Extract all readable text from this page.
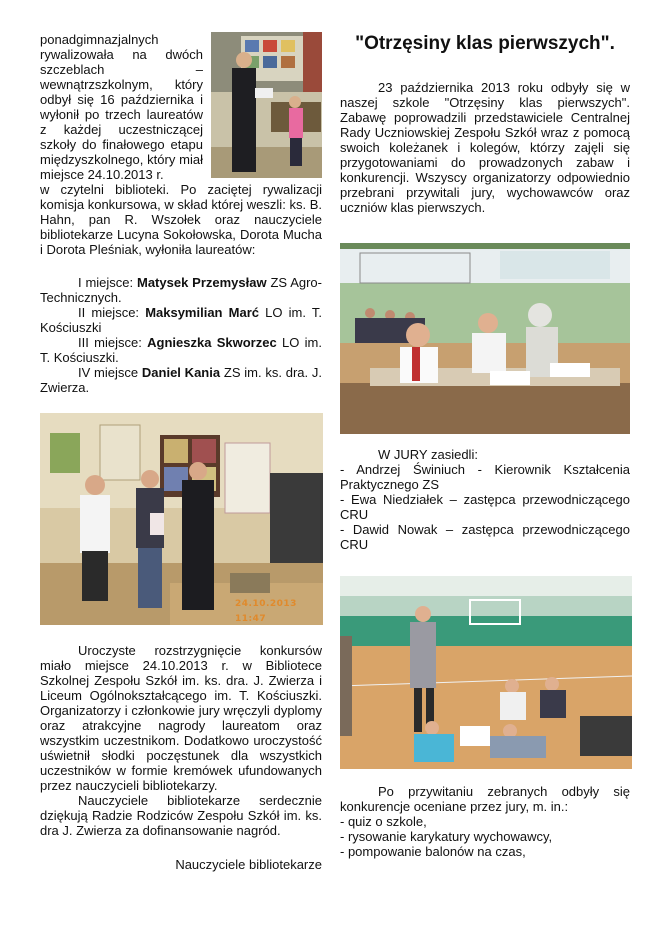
ponadgimnazjalnych rywalizowała na dwóch szczeblach – wewnątrzszkolnym, który odbył się 16 października i wyłonił po trzech laureatów z każdej uczestniczącej szkoły do finałowego etapu międzyszkolnego, który miał miejsce 24.10.2013 r.

w czytelni biblioteki. Po zaciętej rywalizacji komisja konkursowa, w skład której weszli: ks. B. Hahn, pan R. Wszołek oraz nauczyciele bibliotekarze Lucyna Sokołowska, Dorota Mucha i Dorota Pleśniak, wyłoniła laureatów:

I miejsce: Matysek Przemysław ZS Agro-Technicznych.

II miejsce: Maksymilian Marć LO im. T. Kościuszki

III miejsce: Agnieszka Skworzec LO im. T. Kościuszki.

IV miejsce Daniel Kania ZS im. ks. dra. J. Zwierza.

24.10.2013 11:47

Uroczyste rozstrzygnięcie konkursów miało miejsce 24.10.2013 r. w Bibliotece Szkolnej Zespołu Szkół im. ks. dra. J. Zwierza i Liceum Ogólnokształcącego im. T. Kościuszki. Organizatorzy i członkowie jury wręczyli dyplomy oraz atrakcyjne nagrody laureatom oraz wszystkim uczestnikom. Dodatkowo uroczystość uświetnił słodki poczęstunek dla wszystkich uczestników w formie kremówek ufundowanych przez nauczycieli bibliotekarzy.

Nauczyciele bibliotekarze serdecznie dziękują Radzie Rodziców Zespołu Szkół im. ks. dra J. Zwierza za dofinansowanie nagród.

Nauczyciele bibliotekarze
"Otrzęsiny klas pierwszych".

23 października 2013 roku odbyły się w naszej szkole "Otrzęsiny klas pierwszych". Zabawę poprowadzili przedstawiciele Centralnej Rady Uczniowskiej Zespołu Szkół wraz z pomocą swoich koleżanek i kolegów, którzy zajęli się przygotowaniami do prowadzonych zabaw i konkurencji. Wszyscy organizatorzy odpowiednio przebrani przywitali jury, wychowawców oraz uczniów klas pierwszych.

W JURY zasiedli:

- Andrzej Świniuch - Kierownik Kształcenia Praktycznego ZS

- Ewa Niedziałek – zastępca przewodniczącego CRU

- Dawid Nowak – zastępca przewodniczącego CRU

Po przywitaniu zebranych odbyły się konkurencje oceniane przez jury, m. in.:

- quiz o szkole,

- rysowanie karykatury wychowawcy,

- pompowanie balonów na czas,
